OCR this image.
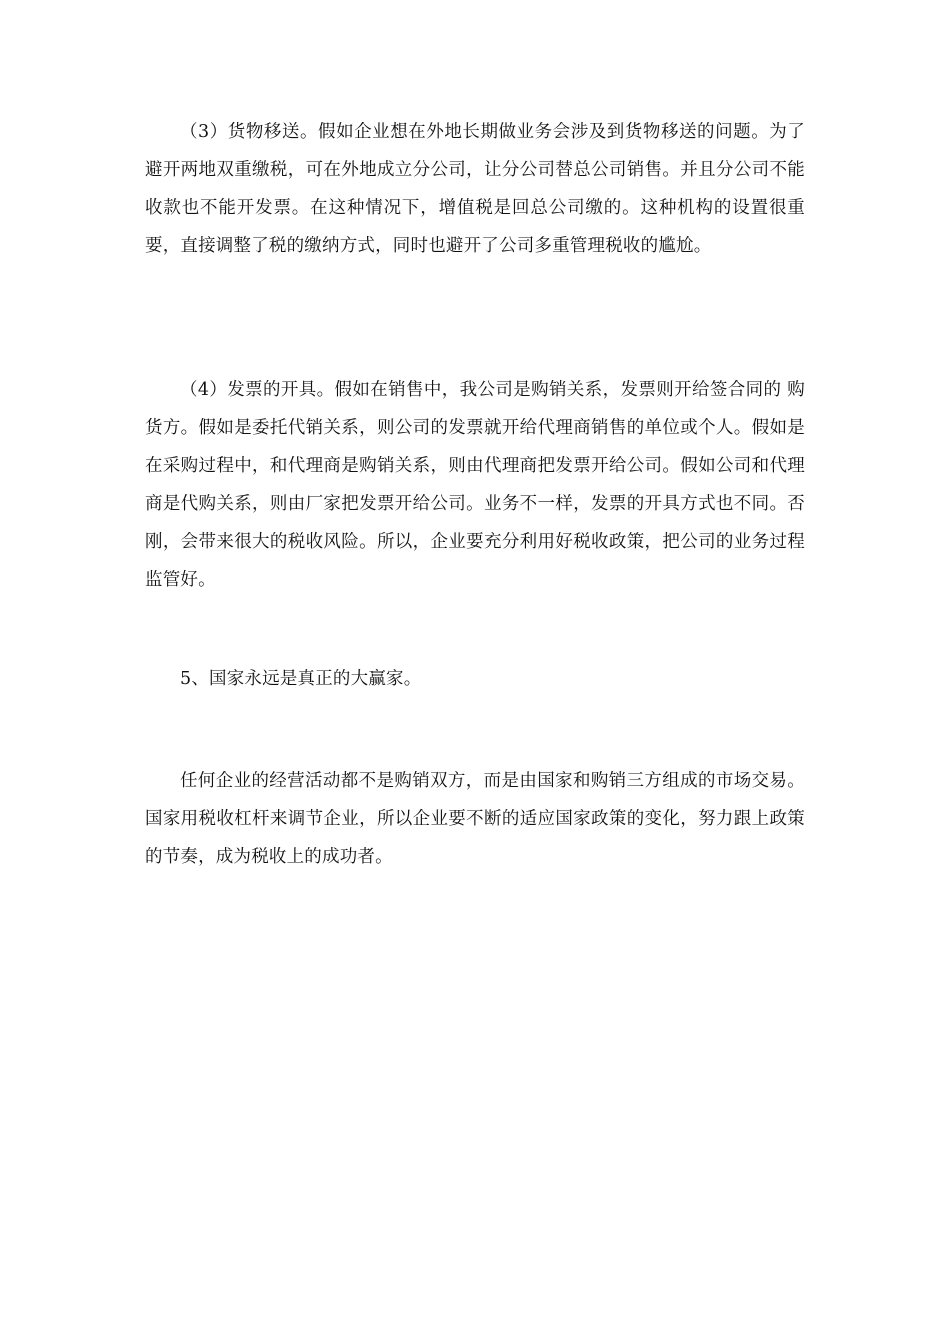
（3）货物移送。假如企业想在外地长期做业务会涉及到货物移送的问题。为了避开两地双重缴税，可在外地成立分公司，让分公司替总公司销售。并且分公司不能收款也不能开发票。在这种情况下，增值税是回总公司缴的。这种机构的设置很重要，直接调整了税的缴纳方式，同时也避开了公司多重管理税收的尴尬。

（4）发票的开具。假如在销售中，我公司是购销关系，发票则开给签合同的 购货方。假如是委托代销关系，则公司的发票就开给代理商销售的单位或个人。假如是在采购过程中，和代理商是购销关系，则由代理商把发票开给公司。假如公司和代理商是代购关系，则由厂家把发票开给公司。业务不一样，发票的开具方式也不同。否刚，会带来很大的税收风险。所以，企业要充分利用好税收政策，把公司的业务过程监管好。

5、国家永远是真正的大赢家。

任何企业的经营活动都不是购销双方，而是由国家和购销三方组成的市场交易。国家用税收杠杆来调节企业，所以企业要不断的适应国家政策的变化，努力跟上政策的节奏，成为税收上的成功者。
